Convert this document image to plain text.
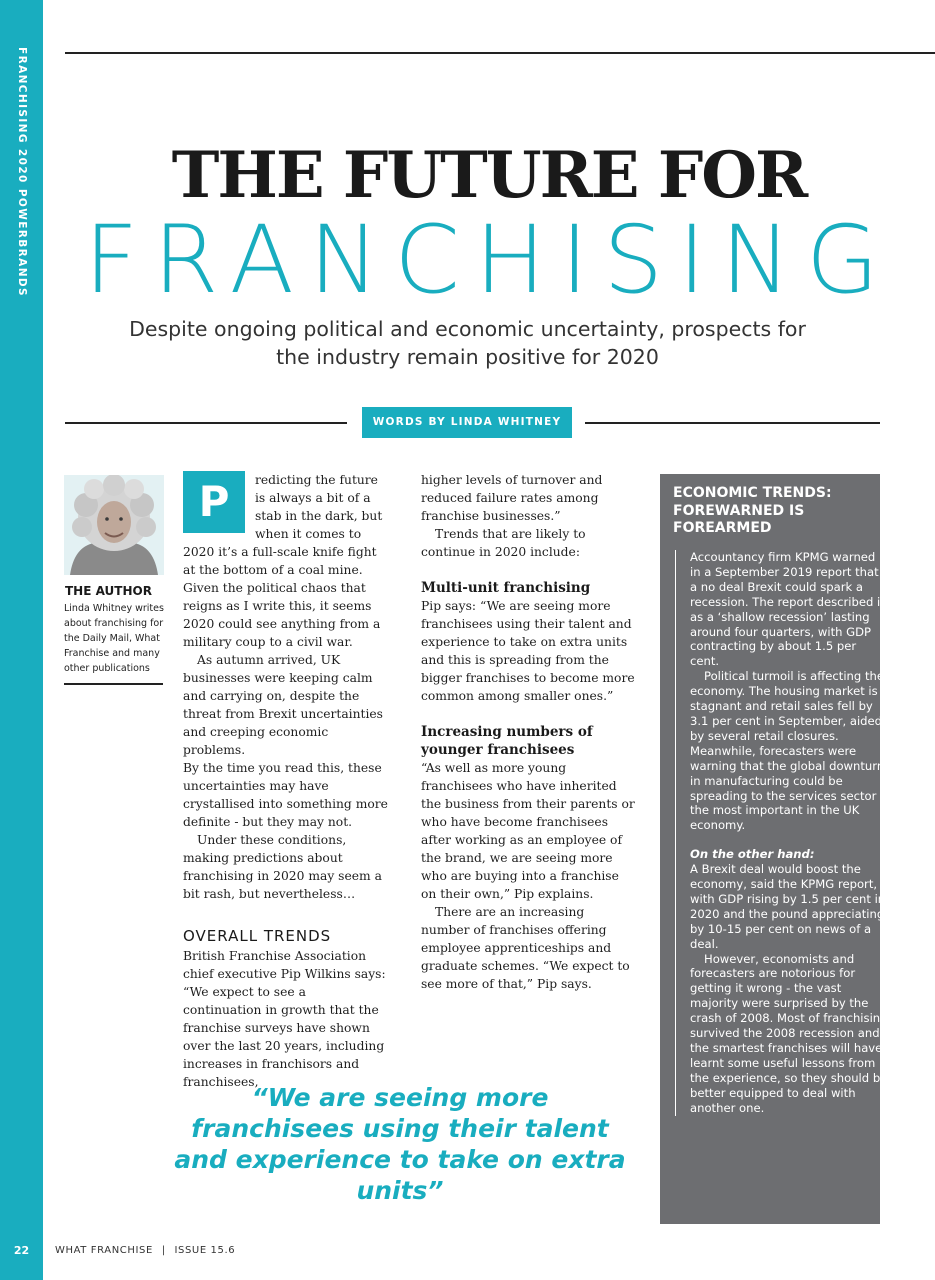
FRANCHISING 2020 POWERBRANDS
22
THE FUTURE FOR
FRANCHISING
Despite ongoing political and economic uncertainty, prospects for the industry remain positive for 2020
WORDS BY LINDA WHITNEY
THE AUTHOR
Linda Whitney writes about franchising for the Daily Mail, What Franchise and many other publications
P	redicting the future is always a bit of a stab in the dark, but when it comes to 2020 it’s a full-scale knife fight at the bottom of a coal mine. Given the political chaos that reigns as I write this, it seems 2020 could see anything from a military coup to a civil war.

As autumn arrived, UK businesses were keeping calm and carrying on, despite the threat from Brexit uncertainties and creeping economic problems.

By the time you read this, these uncertainties may have crystallised into something more definite - but they may not.

Under these conditions, making predictions about franchising in 2020 may seem a bit rash, but nevertheless…

OVERALL TRENDS

British Franchise Association chief executive Pip Wilkins says: “We expect to see a continuation in growth that the franchise surveys have shown over the last 20 years, including increases in franchisors and franchisees,

higher levels of turnover and reduced failure rates among franchise businesses.”

Trends that are likely to continue in 2020 include:

Multi-unit franchising

Pip says: “We are seeing more franchisees using their talent and experience to take on extra units and this is spreading from the bigger franchises to become more common among smaller ones.”

Increasing numbers of younger franchisees

“As well as more young franchisees who have inherited the business from their parents or who have become franchisees after working as an employee of the brand, we are seeing more who are buying into a franchise on their own,” Pip explains.

There are an increasing number of franchises offering employee apprenticeships and graduate schemes. “We expect to see more of that,” Pip says.

“We are seeing more franchisees using their talent and experience to take on extra units”
ECONOMIC TRENDS: FOREWARNED IS FOREARMED

Accountancy firm KPMG warned in a September 2019 report that a no deal Brexit could spark a recession. The report described it as a ‘shallow recession’ lasting around four quarters, with GDP contracting by about 1.5 per cent.

Political turmoil is affecting the economy. The housing market is stagnant and retail sales fell by 3.1 per cent in September, aided by several retail closures. Meanwhile, forecasters were warning that the global downturn in manufacturing could be spreading to the services sector - the most important in the UK economy.

On the other hand:

A Brexit deal would boost the economy, said the KPMG report, with GDP rising by 1.5 per cent in 2020 and the pound appreciating by 10-15 per cent on news of a deal.

However, economists and forecasters are notorious for getting it wrong - the vast majority were surprised by the crash of 2008. Most of franchising survived the 2008 recession and the smartest franchises will have learnt some useful lessons from the experience, so they should be better equipped to deal with another one.

WHAT FRANCHISE | ISSUE 15.6
